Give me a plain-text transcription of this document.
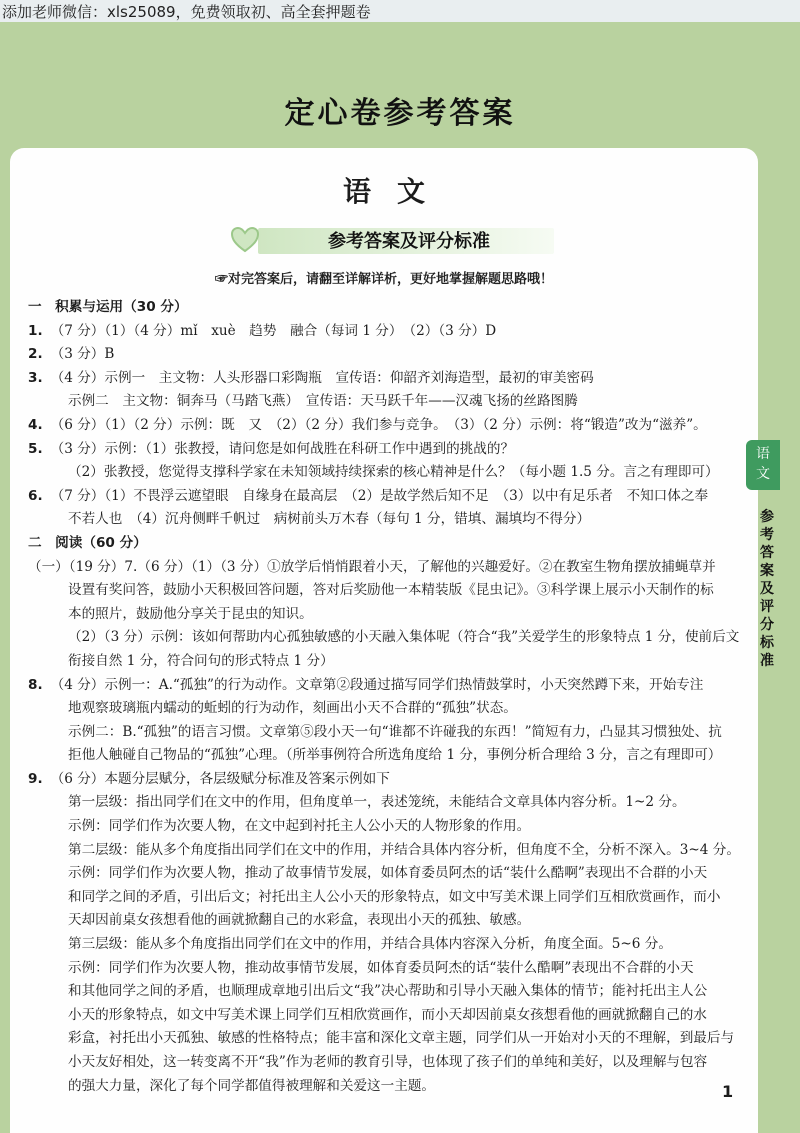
添加老师微信：xls25089，免费领取初、高全套押题卷
定心卷参考答案
语文
参考答案及评分标准
☞对完答案后，请翻至详解详析，更好地掌握解题思路哦！

一　积累与运用（30 分）

1. （7 分）（1）（4 分）mǐ　xuè　趋势　融合（每词 1 分）　（2）（3 分）D

2. （3 分）B

3. （4 分）示例一　主文物：人头形器口彩陶瓶　宣传语：仰韶齐刘海造型，最初的审美密码

示例二　主文物：铜奔马（马踏飞燕）　宣传语：天马跃千年——汉魂飞扬的丝路图腾

4. （6 分）（1）（2 分）示例：既　又　（2）（2 分）我们参与竞争。　（3）（2 分）示例：将“锻造”改为“滋养”。

5. （3 分）示例：（1）张教授，请问您是如何战胜在科研工作中遇到的挑战的？

（2）张教授，您觉得支撑科学家在未知领域持续探索的核心精神是什么？（每小题 1.5 分。言之有理即可）

6. （7 分）（1）不畏浮云遮望眼　自缘身在最高层　（2）是故学然后知不足　（3）以中有足乐者　不知口体之奉

不若人也　（4）沉舟侧畔千帆过　病树前头万木春（每句 1 分，错填、漏填均不得分）

二　阅读（60 分）

（一）（19 分）7.（6 分）（1）（3 分）①放学后悄悄跟着小天，了解他的兴趣爱好。②在教室生物角摆放捕蝇草并

设置有奖问答，鼓励小天积极回答问题，答对后奖励他一本精装版《昆虫记》。③科学课上展示小天制作的标

本的照片，鼓励他分享关于昆虫的知识。

（2）（3 分）示例：该如何帮助内心孤独敏感的小天融入集体呢（符合“我”关爱学生的形象特点 1 分，使前后文

衔接自然 1 分，符合问句的形式特点 1 分）

8. （4 分）示例一：A.“孤独”的行为动作。文章第②段通过描写同学们热情鼓掌时，小天突然蹲下来，开始专注

地观察玻璃瓶内蠕动的蚯蚓的行为动作，刻画出小天不合群的“孤独”状态。

示例二：B.“孤独”的语言习惯。文章第⑤段小天一句“谁都不许碰我的东西！”简短有力，凸显其习惯独处、抗

拒他人触碰自己物品的“孤独”心理。（所举事例符合所选角度给 1 分，事例分析合理给 3 分，言之有理即可）

9. （6 分）本题分层赋分，各层级赋分标准及答案示例如下

第一层级：指出同学们在文中的作用，但角度单一，表述笼统，未能结合文章具体内容分析。1~2 分。

示例：同学们作为次要人物，在文中起到衬托主人公小天的人物形象的作用。

第二层级：能从多个角度指出同学们在文中的作用，并结合具体内容分析，但角度不全，分析不深入。3~4 分。

示例：同学们作为次要人物，推动了故事情节发展，如体育委员阿杰的话“装什么酷啊”表现出不合群的小天

和同学之间的矛盾，引出后文；衬托出主人公小天的形象特点，如文中写美术课上同学们互相欣赏画作，而小

天却因前桌女孩想看他的画就掀翻自己的水彩盒，表现出小天的孤独、敏感。

第三层级：能从多个角度指出同学们在文中的作用，并结合具体内容深入分析，角度全面。5~6 分。

示例：同学们作为次要人物，推动故事情节发展，如体育委员阿杰的话“装什么酷啊”表现出不合群的小天

和其他同学之间的矛盾，也顺理成章地引出后文“我”决心帮助和引导小天融入集体的情节；能衬托出主人公

小天的形象特点，如文中写美术课上同学们互相欣赏画作，而小天却因前桌女孩想看他的画就掀翻自己的水

彩盒，衬托出小天孤独、敏感的性格特点；能丰富和深化文章主题，同学们从一开始对小天的不理解，到最后与

小天友好相处，这一转变离不开“我”作为老师的教育引导，也体现了孩子们的单纯和美好，以及理解与包容

的强大力量，深化了每个同学都值得被理解和关爱这一主题。	1
语
文
参
考
答
案
及
评
分
标
准
